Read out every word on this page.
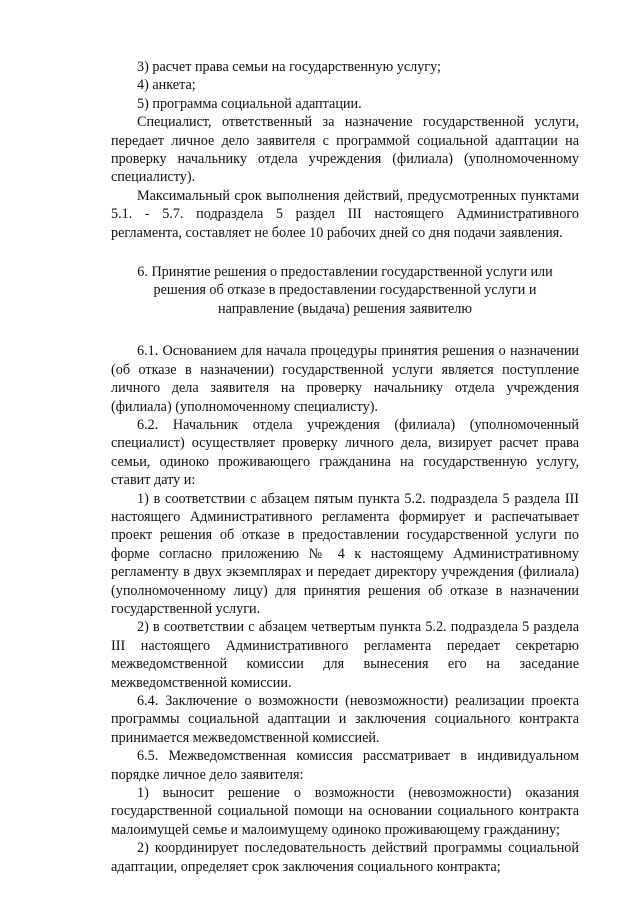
3) расчет права семьи на государственную услугу;

4) анкета;

5) программа социальной адаптации.

Специалист, ответственный за назначение государственной услуги, передает личное дело заявителя с программой социальной адаптации на проверку начальнику отдела учреждения (филиала) (уполномоченному специалисту).

Максимальный срок выполнения действий, предусмотренных пунктами 5.1. - 5.7. подраздела 5 раздел III настоящего Административного регламента, составляет не более 10 рабочих дней со дня подачи заявления.

6. Принятие решения о предоставлении государственной услуги или
решения об отказе в предоставлении государственной услуги и
направление (выдача) решения заявителю

6.1. Основанием для начала процедуры принятия решения о назначении (об отказе в назначении) государственной услуги является поступление личного дела заявителя на проверку начальнику отдела учреждения (филиала) (уполномоченному специалисту).

6.2. Начальник отдела учреждения (филиала) (уполномоченный специалист) осуществляет проверку личного дела, визирует расчет права семьи, одиноко проживающего гражданина на государственную услугу, ставит дату и:

1) в соответствии с абзацем пятым пункта 5.2. подраздела 5 раздела III настоящего Административного регламента формирует и распечатывает проект решения об отказе в предоставлении государственной услуги по форме согласно приложению № 4 к настоящему Административному регламенту в двух экземплярах и передает директору учреждения (филиала) (уполномоченному лицу) для принятия решения об отказе в назначении государственной услуги.

2) в соответствии с абзацем четвертым пункта 5.2. подраздела 5 раздела III настоящего Административного регламента передает секретарю межведомственной комиссии для вынесения его на заседание межведомственной комиссии.

6.4. Заключение о возможности (невозможности) реализации проекта программы социальной адаптации и заключения социального контракта принимается межведомственной комиссией.

6.5. Межведомственная комиссия рассматривает в индивидуальном порядке личное дело заявителя:

1) выносит решение о возможности (невозможности) оказания государственной социальной помощи на основании социального контракта малоимущей семье и малоимущему одиноко проживающему гражданину;

2) координирует последовательность действий программы социальной адаптации, определяет срок заключения социального контракта;
